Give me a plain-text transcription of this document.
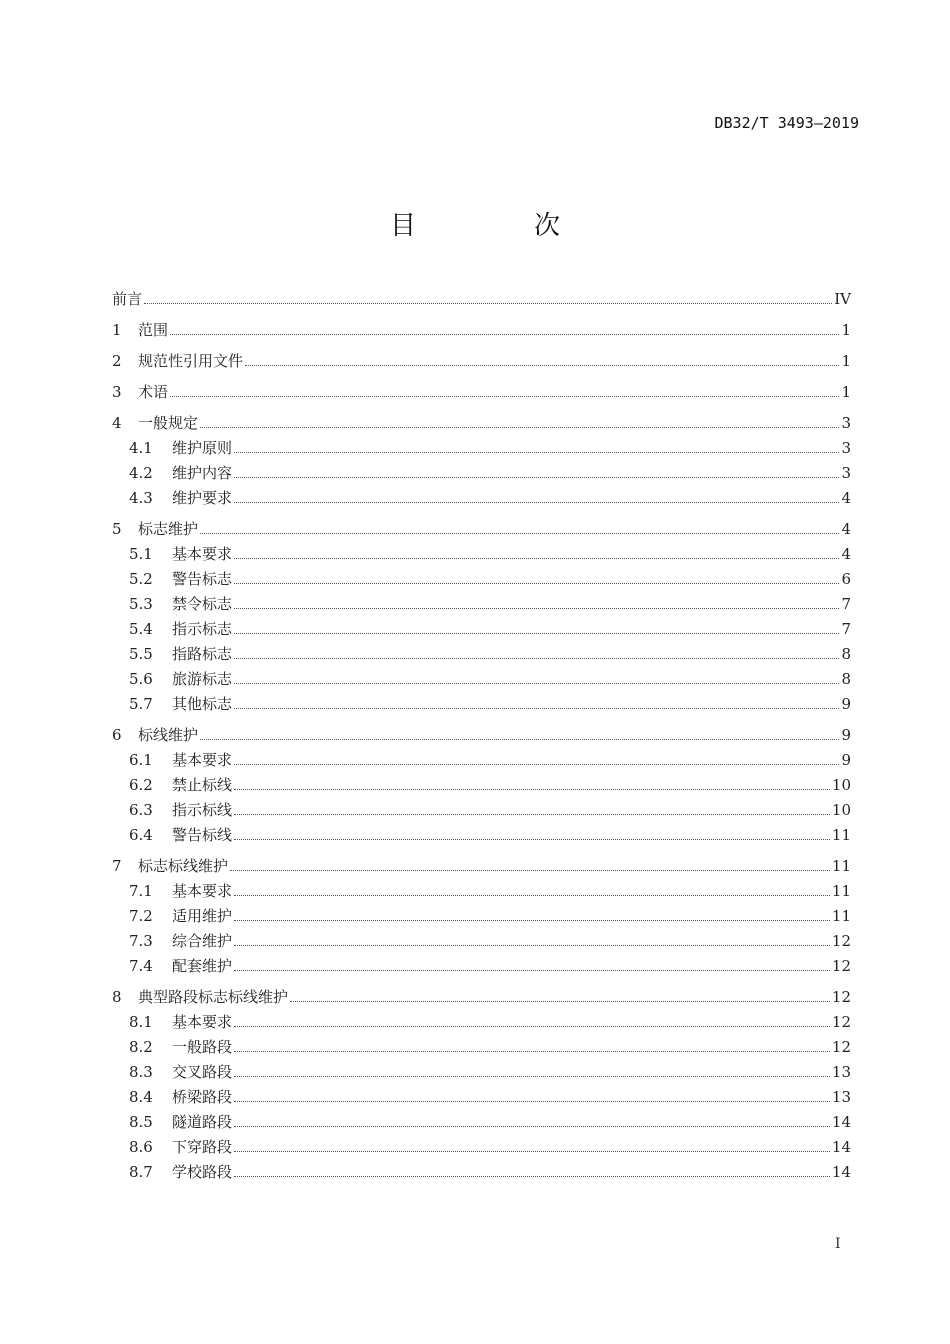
DB32/T 3493—2019
目　次
前言	IV
1	范围	1
2	规范性引用文件	1
3	术语	1
4	一般规定	3
4.1	维护原则	3
4.2	维护内容	3
4.3	维护要求	4
5	标志维护	4
5.1	基本要求	4
5.2	警告标志	6
5.3	禁令标志	7
5.4	指示标志	7
5.5	指路标志	8
5.6	旅游标志	8
5.7	其他标志	9
6	标线维护	9
6.1	基本要求	9
6.2	禁止标线	10
6.3	指示标线	10
6.4	警告标线	11
7	标志标线维护	11
7.1	基本要求	11
7.2	适用维护	11
7.3	综合维护	12
7.4	配套维护	12
8	典型路段标志标线维护	12
8.1	基本要求	12
8.2	一般路段	12
8.3	交叉路段	13
8.4	桥梁路段	13
8.5	隧道路段	14
8.6	下穿路段	14
8.7	学校路段	14
I
